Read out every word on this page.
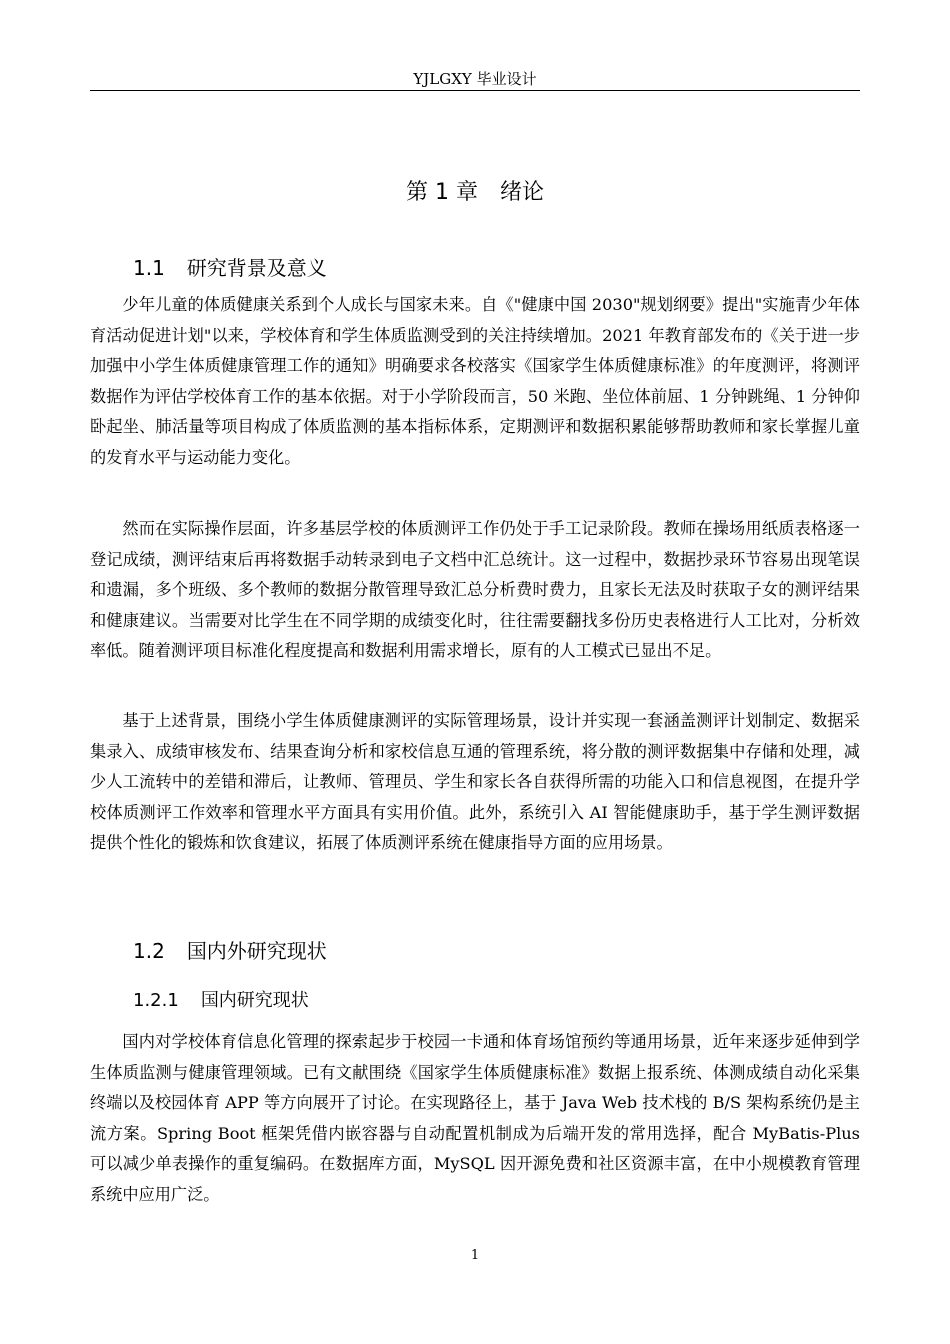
YJLGXY 毕业设计
第 1 章 绪论
1.1 研究背景及意义

少年儿童的体质健康关系到个人成长与国家未来。自《"健康中国 2030"规划纲要》提出"实施青少年体育活动促进计划"以来，学校体育和学生体质监测受到的关注持续增加。2021 年教育部发布的《关于进一步加强中小学生体质健康管理工作的通知》明确要求各校落实《国家学生体质健康标准》的年度测评，将测评数据作为评估学校体育工作的基本依据。对于小学阶段而言，50 米跑、坐位体前屈、1 分钟跳绳、1 分钟仰卧起坐、肺活量等项目构成了体质监测的基本指标体系，定期测评和数据积累能够帮助教师和家长掌握儿童的发育水平与运动能力变化。

然而在实际操作层面，许多基层学校的体质测评工作仍处于手工记录阶段。教师在操场用纸质表格逐一登记成绩，测评结束后再将数据手动转录到电子文档中汇总统计。这一过程中，数据抄录环节容易出现笔误和遗漏，多个班级、多个教师的数据分散管理导致汇总分析费时费力，且家长无法及时获取子女的测评结果和健康建议。当需要对比学生在不同学期的成绩变化时，往往需要翻找多份历史表格进行人工比对，分析效率低。随着测评项目标准化程度提高和数据利用需求增长，原有的人工模式已显出不足。

基于上述背景，围绕小学生体质健康测评的实际管理场景，设计并实现一套涵盖测评计划制定、数据采集录入、成绩审核发布、结果查询分析和家校信息互通的管理系统，将分散的测评数据集中存储和处理，减少人工流转中的差错和滞后，让教师、管理员、学生和家长各自获得所需的功能入口和信息视图，在提升学校体质测评工作效率和管理水平方面具有实用价值。此外，系统引入 AI 智能健康助手，基于学生测评数据提供个性化的锻炼和饮食建议，拓展了体质测评系统在健康指导方面的应用场景。

1.2 国内外研究现状
1.2.1 国内研究现状

国内对学校体育信息化管理的探索起步于校园一卡通和体育场馆预约等通用场景，近年来逐步延伸到学生体质监测与健康管理领域。已有文献围绕《国家学生体质健康标准》数据上报系统、体测成绩自动化采集终端以及校园体育 APP 等方向展开了讨论。在实现路径上，基于 Java Web 技术栈的 B/S 架构系统仍是主流方案。Spring Boot 框架凭借内嵌容器与自动配置机制成为后端开发的常用选择，配合 MyBatis-Plus 可以减少单表操作的重复编码。在数据库方面，MySQL 因开源免费和社区资源丰富，在中小规模教育管理系统中应用广泛。

1
